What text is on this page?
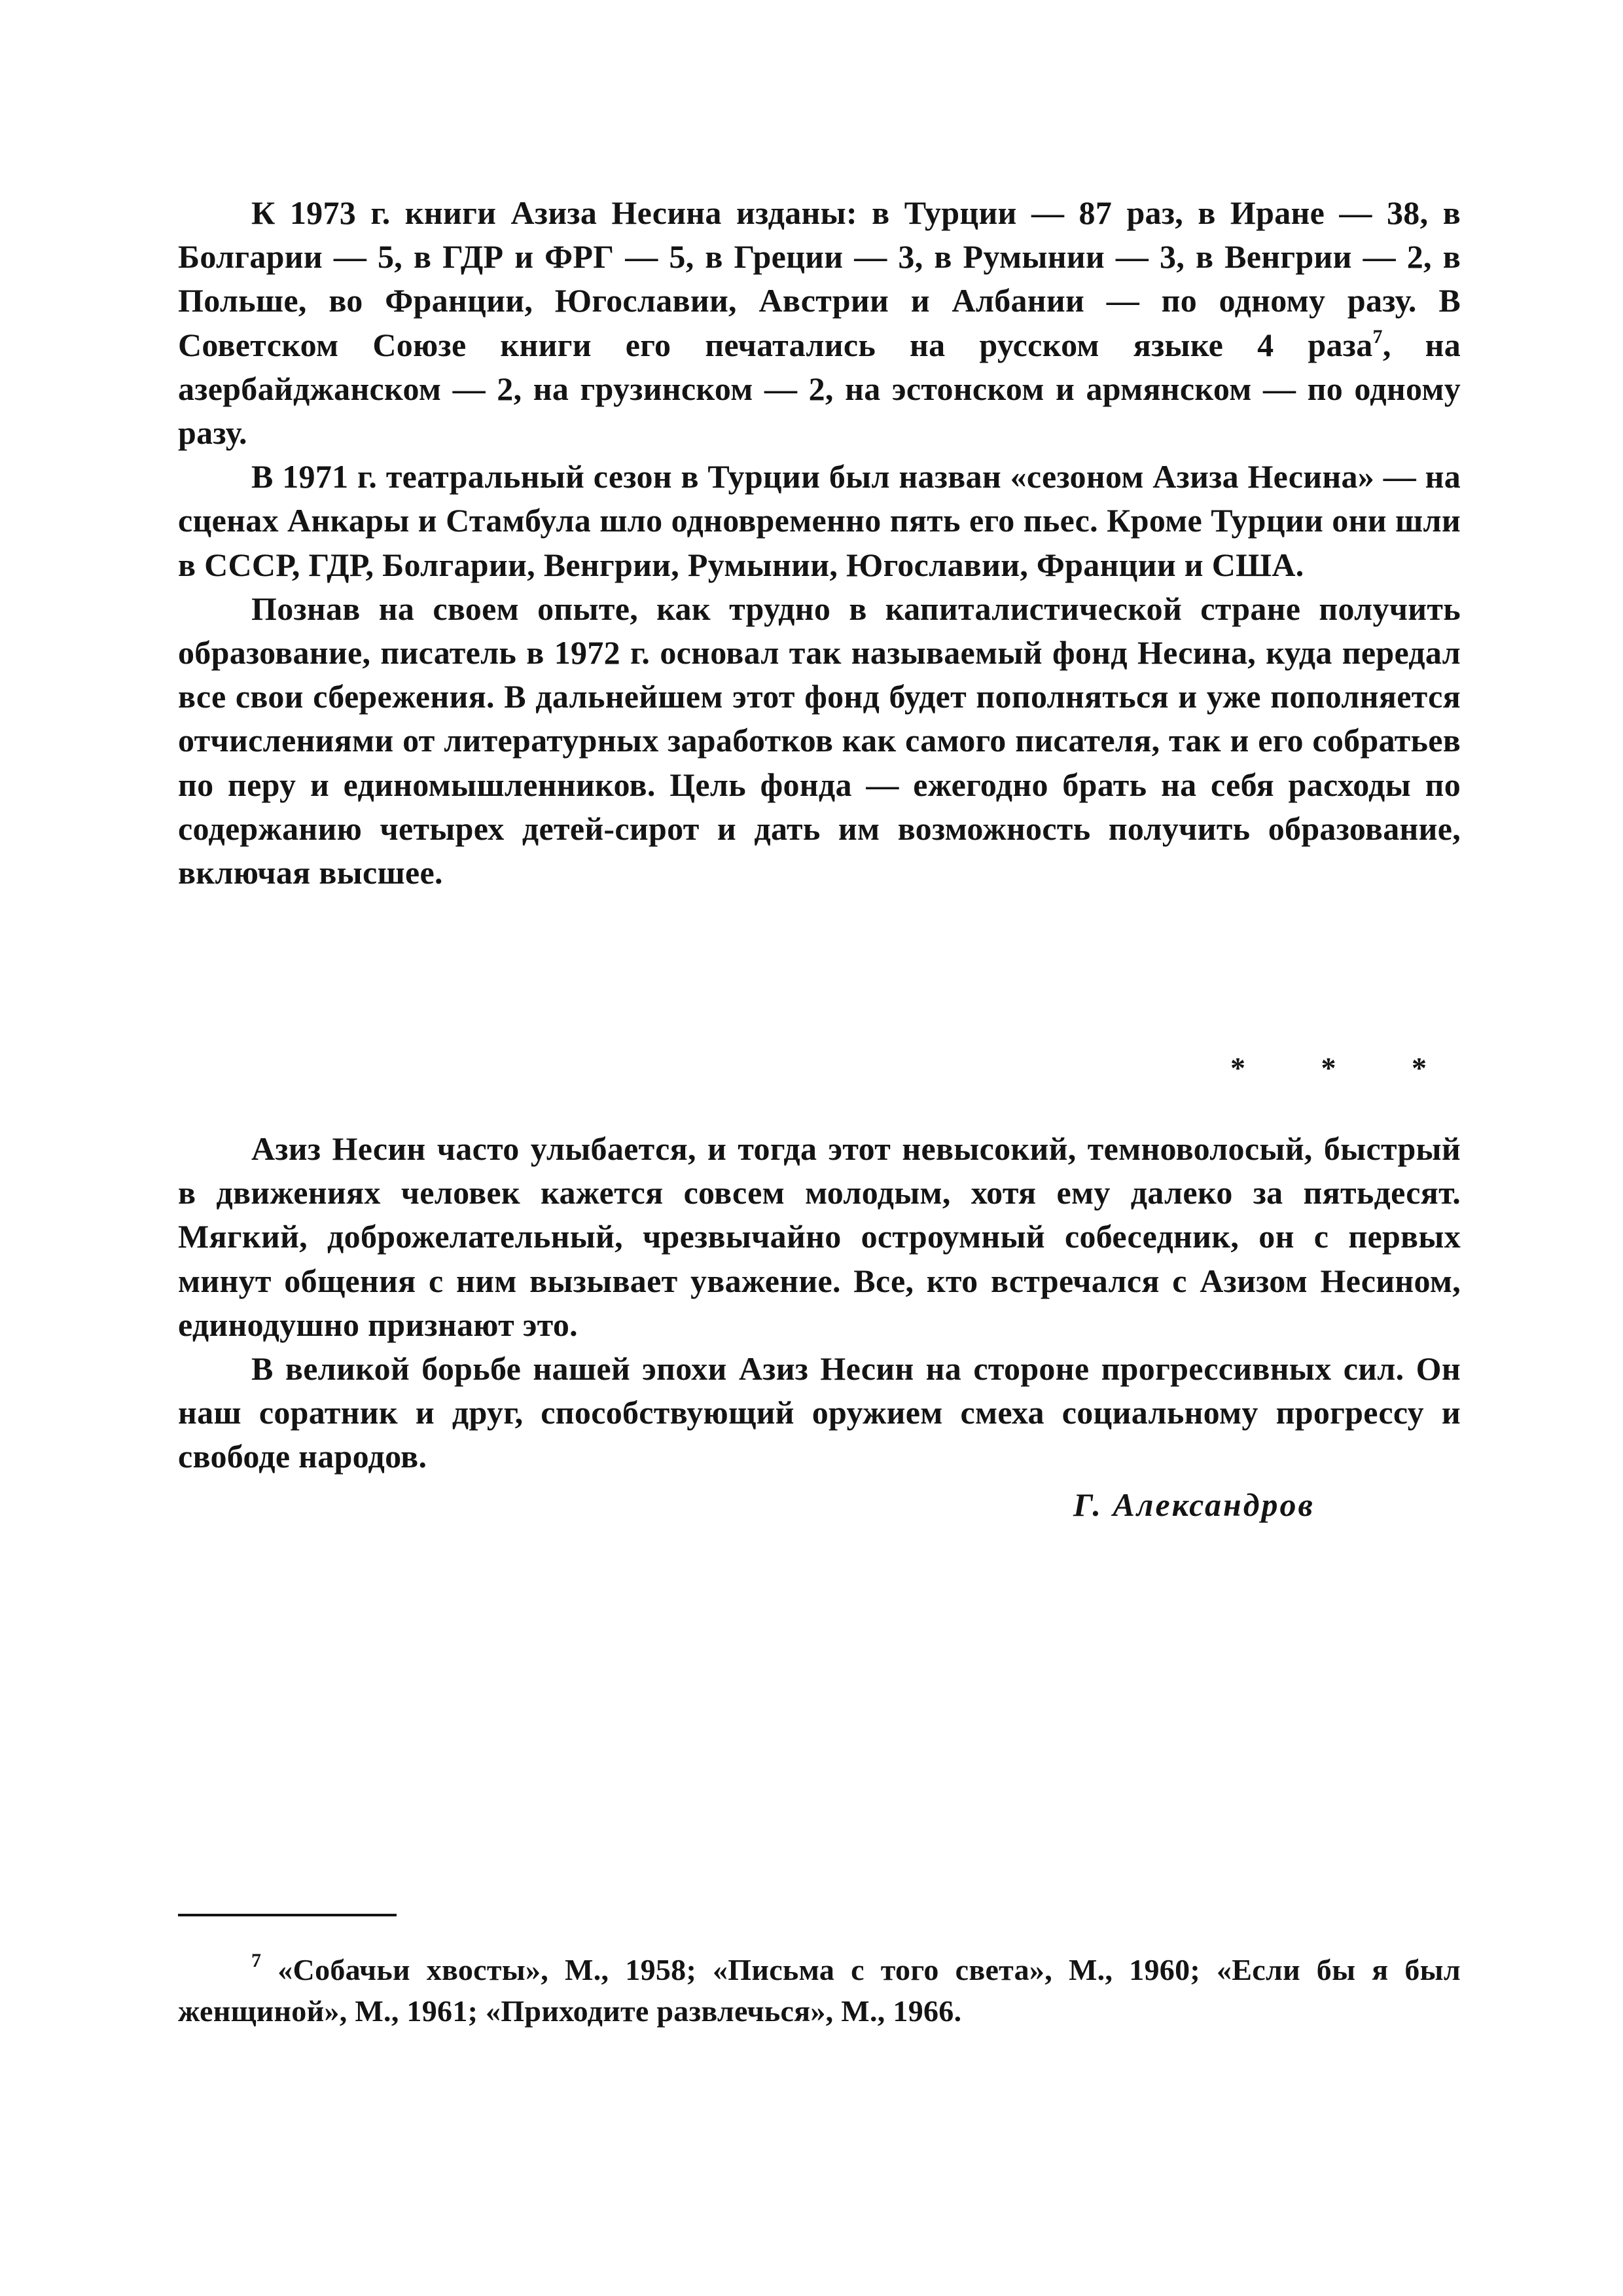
К 1973 г. книги Азиза Несина изданы: в Турции — 87 раз, в Иране — 38, в Болгарии — 5, в ГДР и ФРГ — 5, в Греции — 3, в Румынии — 3, в Венгрии — 2, в Польше, во Франции, Югославии, Австрии и Албании — по одному разу. В Советском Союзе книги его печатались на русском языке 4 раза$^7$, на азербайджанском — 2, на грузинском — 2, на эстонском и армянском — по одному разу.

В 1971 г. театральный сезон в Турции был назван «сезоном Азиза Несина» — на сценах Анкары и Стамбула шло одновременно пять его пьес. Кроме Турции они шли в СССР, ГДР, Болгарии, Венгрии, Румынии, Югославии, Франции и США.

Познав на своем опыте, как трудно в капиталистической стране получить образование, писатель в 1972 г. основал так называемый фонд Несина, куда передал все свои сбережения. В дальнейшем этот фонд будет пополняться и уже пополняется отчислениями от литературных заработков как самого писателя, так и его собратьев по перу и единомышленников. Цель фонда — ежегодно брать на себя расходы по содержанию четырех детей-сирот и дать им возможность получить образование, включая высшее.

* * *

Азиз Несин часто улыбается, и тогда этот невысокий, темноволосый, быстрый в движениях человек кажется совсем молодым, хотя ему далеко за пятьдесят. Мягкий, доброжелательный, чрезвычайно остроумный собеседник, он с первых минут общения с ним вызывает уважение. Все, кто встречался с Азизом Несином, единодушно признают это.

В великой борьбе нашей эпохи Азиз Несин на стороне прогрессивных сил. Он наш соратник и друг, способствующий оружием смеха социальному прогрессу и свободе народов.

Г. Александров

$^7$ «Собачьи хвосты», М., 1958; «Письма с того света», М., 1960; «Если бы я был женщиной», М., 1961; «Приходите развлечься», М., 1966.
